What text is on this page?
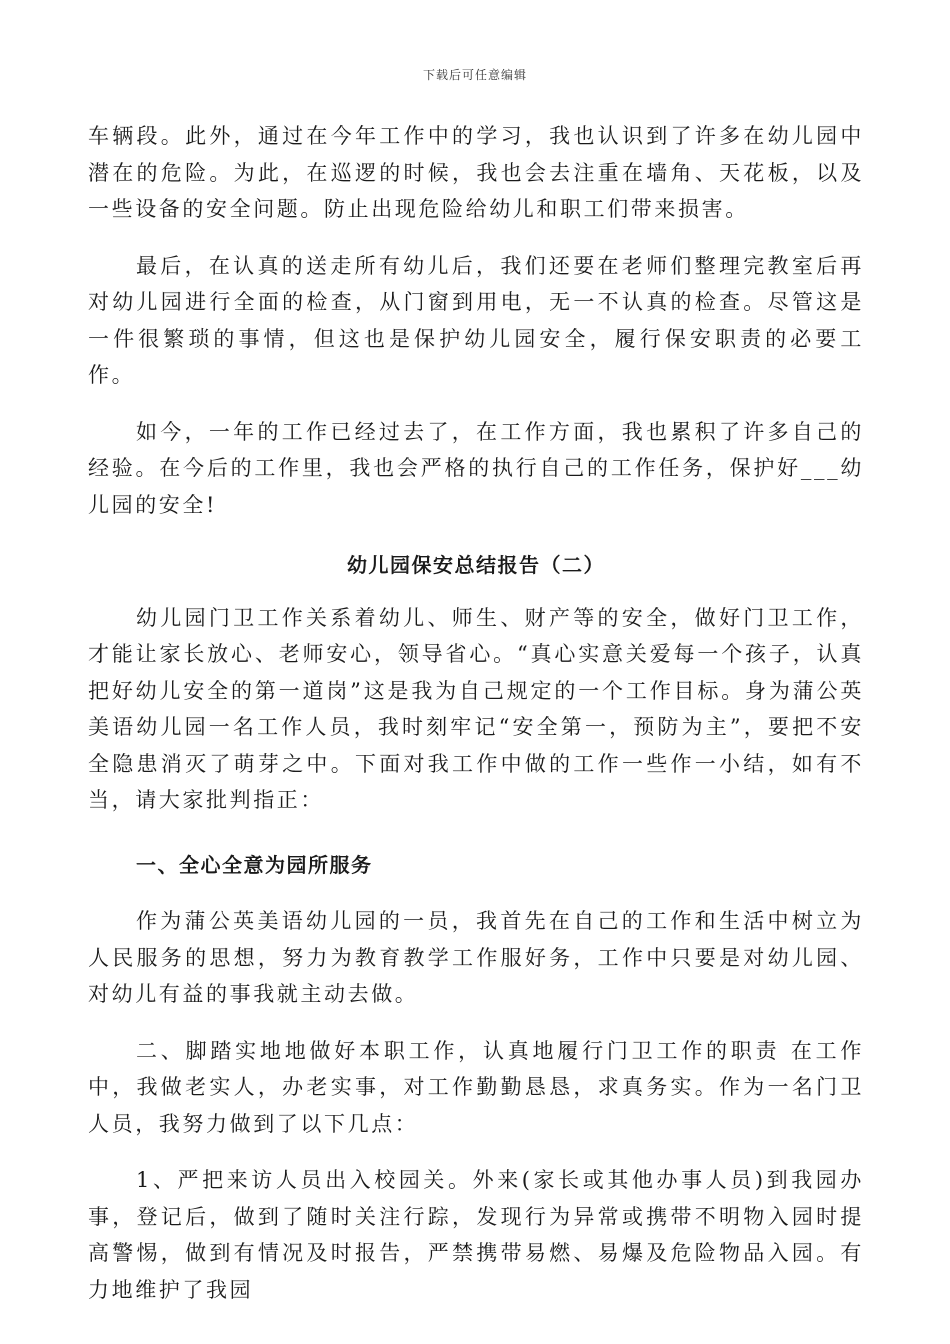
下载后可任意编辑

车辆段。此外，通过在今年工作中的学习，我也认识到了许多在幼儿园中潜在的危险。为此，在巡逻的时候，我也会去注重在墙角、天花板，以及一些设备的安全问题。防止出现危险给幼儿和职工们带来损害。

最后，在认真的送走所有幼儿后，我们还要在老师们整理完教室后再对幼儿园进行全面的检查，从门窗到用电，无一不认真的检查。尽管这是一件很繁琐的事情，但这也是保护幼儿园安全，履行保安职责的必要工作。

如今，一年的工作已经过去了，在工作方面，我也累积了许多自己的经验。在今后的工作里，我也会严格的执行自己的工作任务，保护好___幼儿园的安全!

幼儿园保安总结报告（二）

幼儿园门卫工作关系着幼儿、师生、财产等的安全，做好门卫工作，才能让家长放心、老师安心，领导省心。“真心实意关爱每一个孩子，认真把好幼儿安全的第一道岗”这是我为自己规定的一个工作目标。身为蒲公英美语幼儿园一名工作人员，我时刻牢记“安全第一，预防为主”，要把不安全隐患消灭了萌芽之中。下面对我工作中做的工作一些作一小结，如有不当，请大家批判指正：

一、全心全意为园所服务

作为蒲公英美语幼儿园的一员，我首先在自己的工作和生活中树立为人民服务的思想，努力为教育教学工作服好务，工作中只要是对幼儿园、对幼儿有益的事我就主动去做。

二、脚踏实地地做好本职工作，认真地履行门卫工作的职责 在工作中，我做老实人，办老实事，对工作勤勤恳恳，求真务实。作为一名门卫人员，我努力做到了以下几点：

1、严把来访人员出入校园关。外来(家长或其他办事人员)到我园办事，登记后，做到了随时关注行踪，发现行为异常或携带不明物入园时提高警惕，做到有情况及时报告，严禁携带易燃、易爆及危险物品入园。有力地维护了我园
